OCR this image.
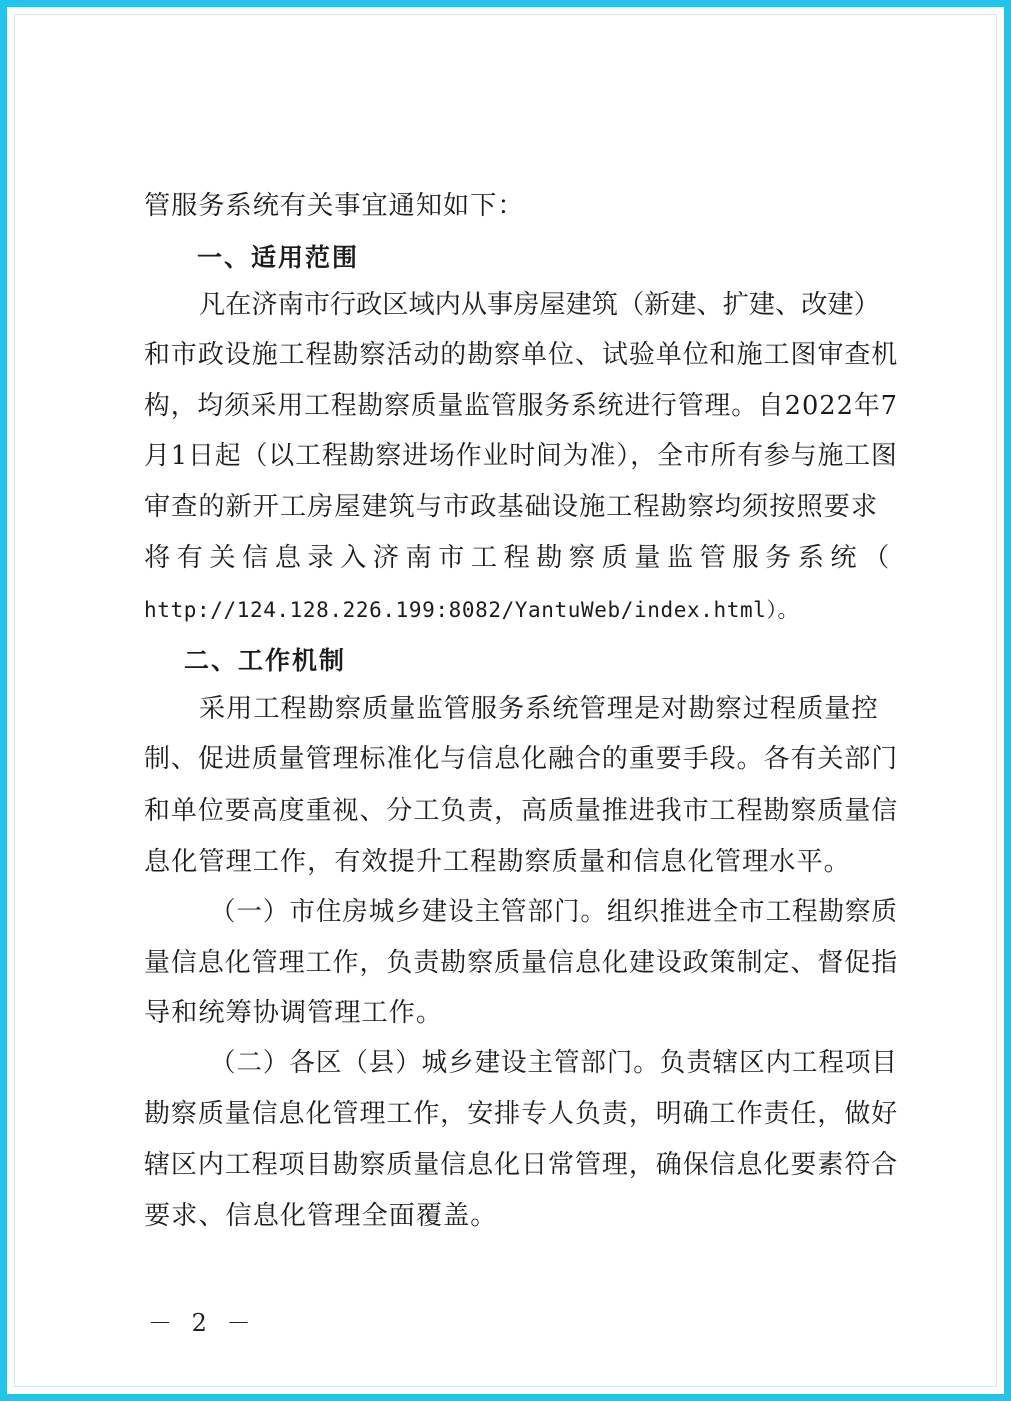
管服务系统有关事宜通知如下：
一、适用范围
凡在济南市行政区域内从事房屋建筑（新建、扩建、改建）
和市政设施工程勘察活动的勘察单位、试验单位和施工图审查机
构，均须采用工程勘察质量监管服务系统进行管理。自2022年7
月1日起（以工程勘察进场作业时间为准），全市所有参与施工图
审查的新开工房屋建筑与市政基础设施工程勘察均须按照要求
将有关信息录入济南市工程勘察质量监管服务系统（
http://124.128.226.199:8082/YantuWeb/index.html）。
二、工作机制
采用工程勘察质量监管服务系统管理是对勘察过程质量控
制、促进质量管理标准化与信息化融合的重要手段。各有关部门
和单位要高度重视、分工负责，高质量推进我市工程勘察质量信
息化管理工作，有效提升工程勘察质量和信息化管理水平。
（一）市住房城乡建设主管部门。组织推进全市工程勘察质
量信息化管理工作，负责勘察质量信息化建设政策制定、督促指
导和统筹协调管理工作。
（二）各区（县）城乡建设主管部门。负责辖区内工程项目
勘察质量信息化管理工作，安排专人负责，明确工作责任，做好
辖区内工程项目勘察质量信息化日常管理，确保信息化要素符合
要求、信息化管理全面覆盖。
－ 2 －
